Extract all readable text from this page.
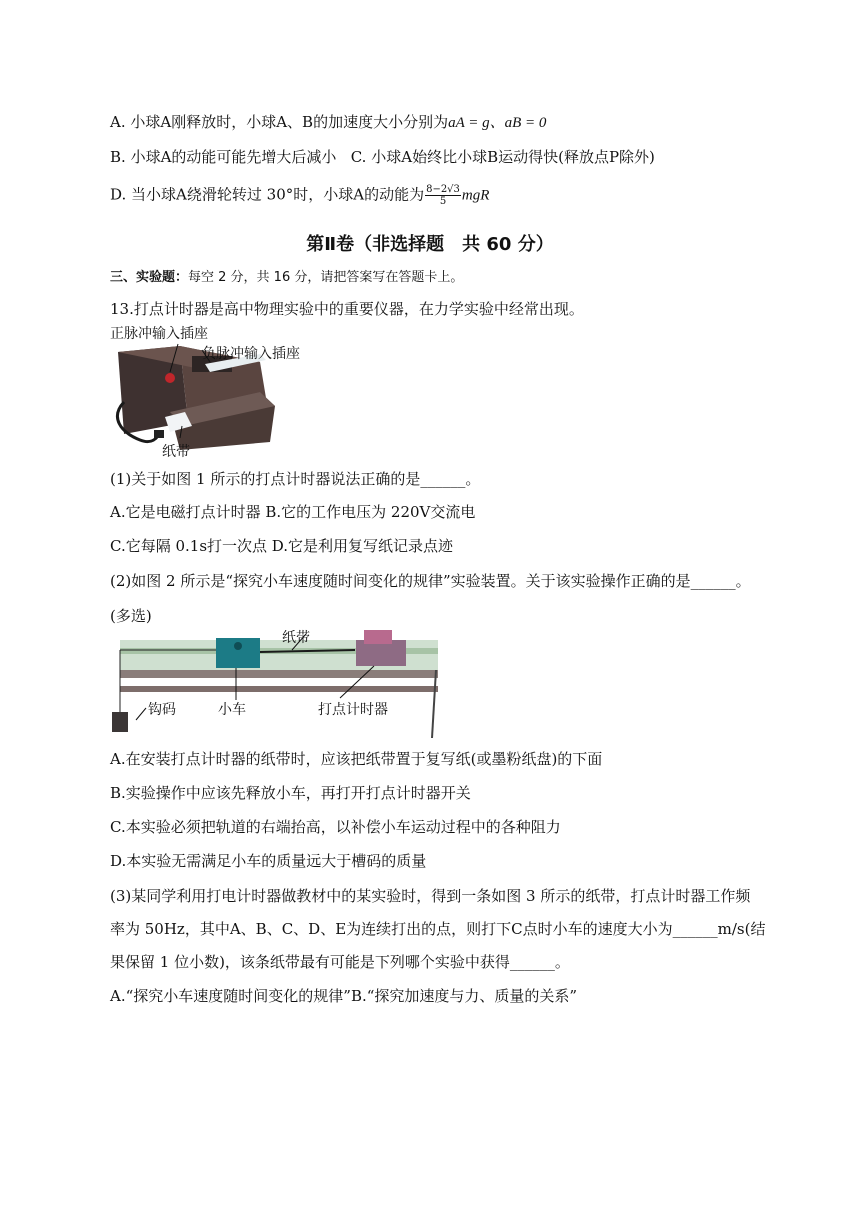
A. 小球A刚释放时，小球A、B的加速度大小分别为aA = g、aB = 0
B. 小球A的动能可能先增大后减小 C. 小球A始终比小球B运动得快(释放点P除外)
D. 当小球A绕滑轮转过 30°时，小球A的动能为 $\frac{8-2√3}{5}$ mgR
第Ⅱ卷（非选择题　共 60 分）
三、实验题：每空 2 分，共 16 分，请把答案写在答题卡上。
13.打点计时器是高中物理实验中的重要仪器，在力学实验中经常出现。
正脉冲输入插座
负脉冲输入插座
纸带
(1)关于如图 1 所示的打点计时器说法正确的是______。
A.它是电磁打点计时器 B.它的工作电压为 220V交流电
C.它每隔 0.1s打一次点 D.它是利用复写纸记录点迹
(2)如图 2 所示是“探究小车速度随时间变化的规律”实验装置。关于该实验操作正确的是______。
(多选)
纸带
钩码	小车	打点计时器
A.在安装打点计时器的纸带时，应该把纸带置于复写纸(或墨粉纸盘)的下面
B.实验操作中应该先释放小车，再打开打点计时器开关
C.本实验必须把轨道的右端抬高，以补偿小车运动过程中的各种阻力
D.本实验无需满足小车的质量远大于槽码的质量
(3)某同学利用打电计时器做教材中的某实验时，得到一条如图 3 所示的纸带，打点计时器工作频
率为 50Hz，其中A、B、C、D、E为连续打出的点，则打下C点时小车的速度大小为______m/s(结
果保留 1 位小数)，该条纸带最有可能是下列哪个实验中获得______。
A.“探究小车速度随时间变化的规律”B.“探究加速度与力、质量的关系”
